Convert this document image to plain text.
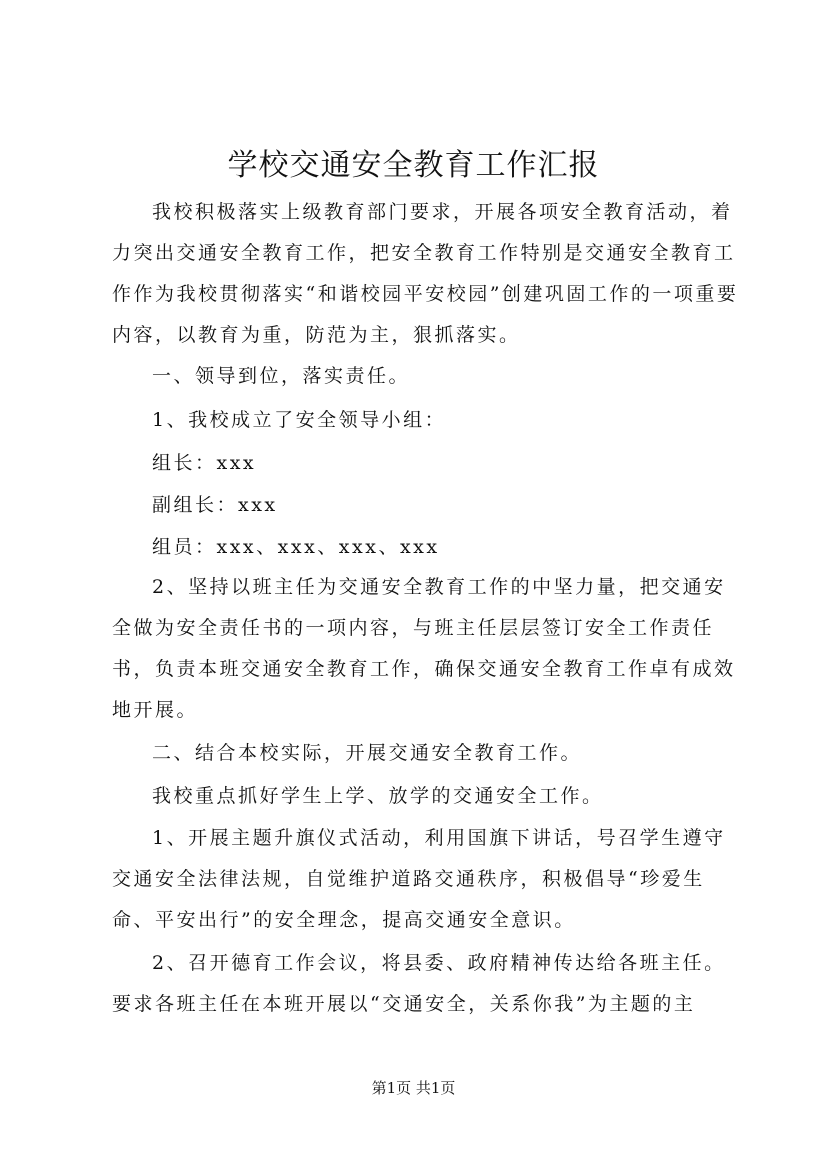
学校交通安全教育工作汇报

我校积极落实上级教育部门要求，开展各项安全教育活动，着力突出交通安全教育工作，把安全教育工作特别是交通安全教育工作作为我校贯彻落实“和谐校园平安校园”创建巩固工作的一项重要内容，以教育为重，防范为主，狠抓落实。

一、领导到位，落实责任。
1、我校成立了安全领导小组：
组长：xxx
副组长：xxx
组员：xxx、xxx、xxx、xxx

2、坚持以班主任为交通安全教育工作的中坚力量，把交通安全做为安全责任书的一项内容，与班主任层层签订安全工作责任书，负责本班交通安全教育工作，确保交通安全教育工作卓有成效地开展。

二、结合本校实际，开展交通安全教育工作。
我校重点抓好学生上学、放学的交通安全工作。

1、开展主题升旗仪式活动，利用国旗下讲话，号召学生遵守交通安全法律法规，自觉维护道路交通秩序，积极倡导“珍爱生命、平安出行”的安全理念，提高交通安全意识。

2、召开德育工作会议，将县委、政府精神传达给各班主任。要求各班主任在本班开展以“交通安全，关系你我”为主题的主

第1页 共1页
